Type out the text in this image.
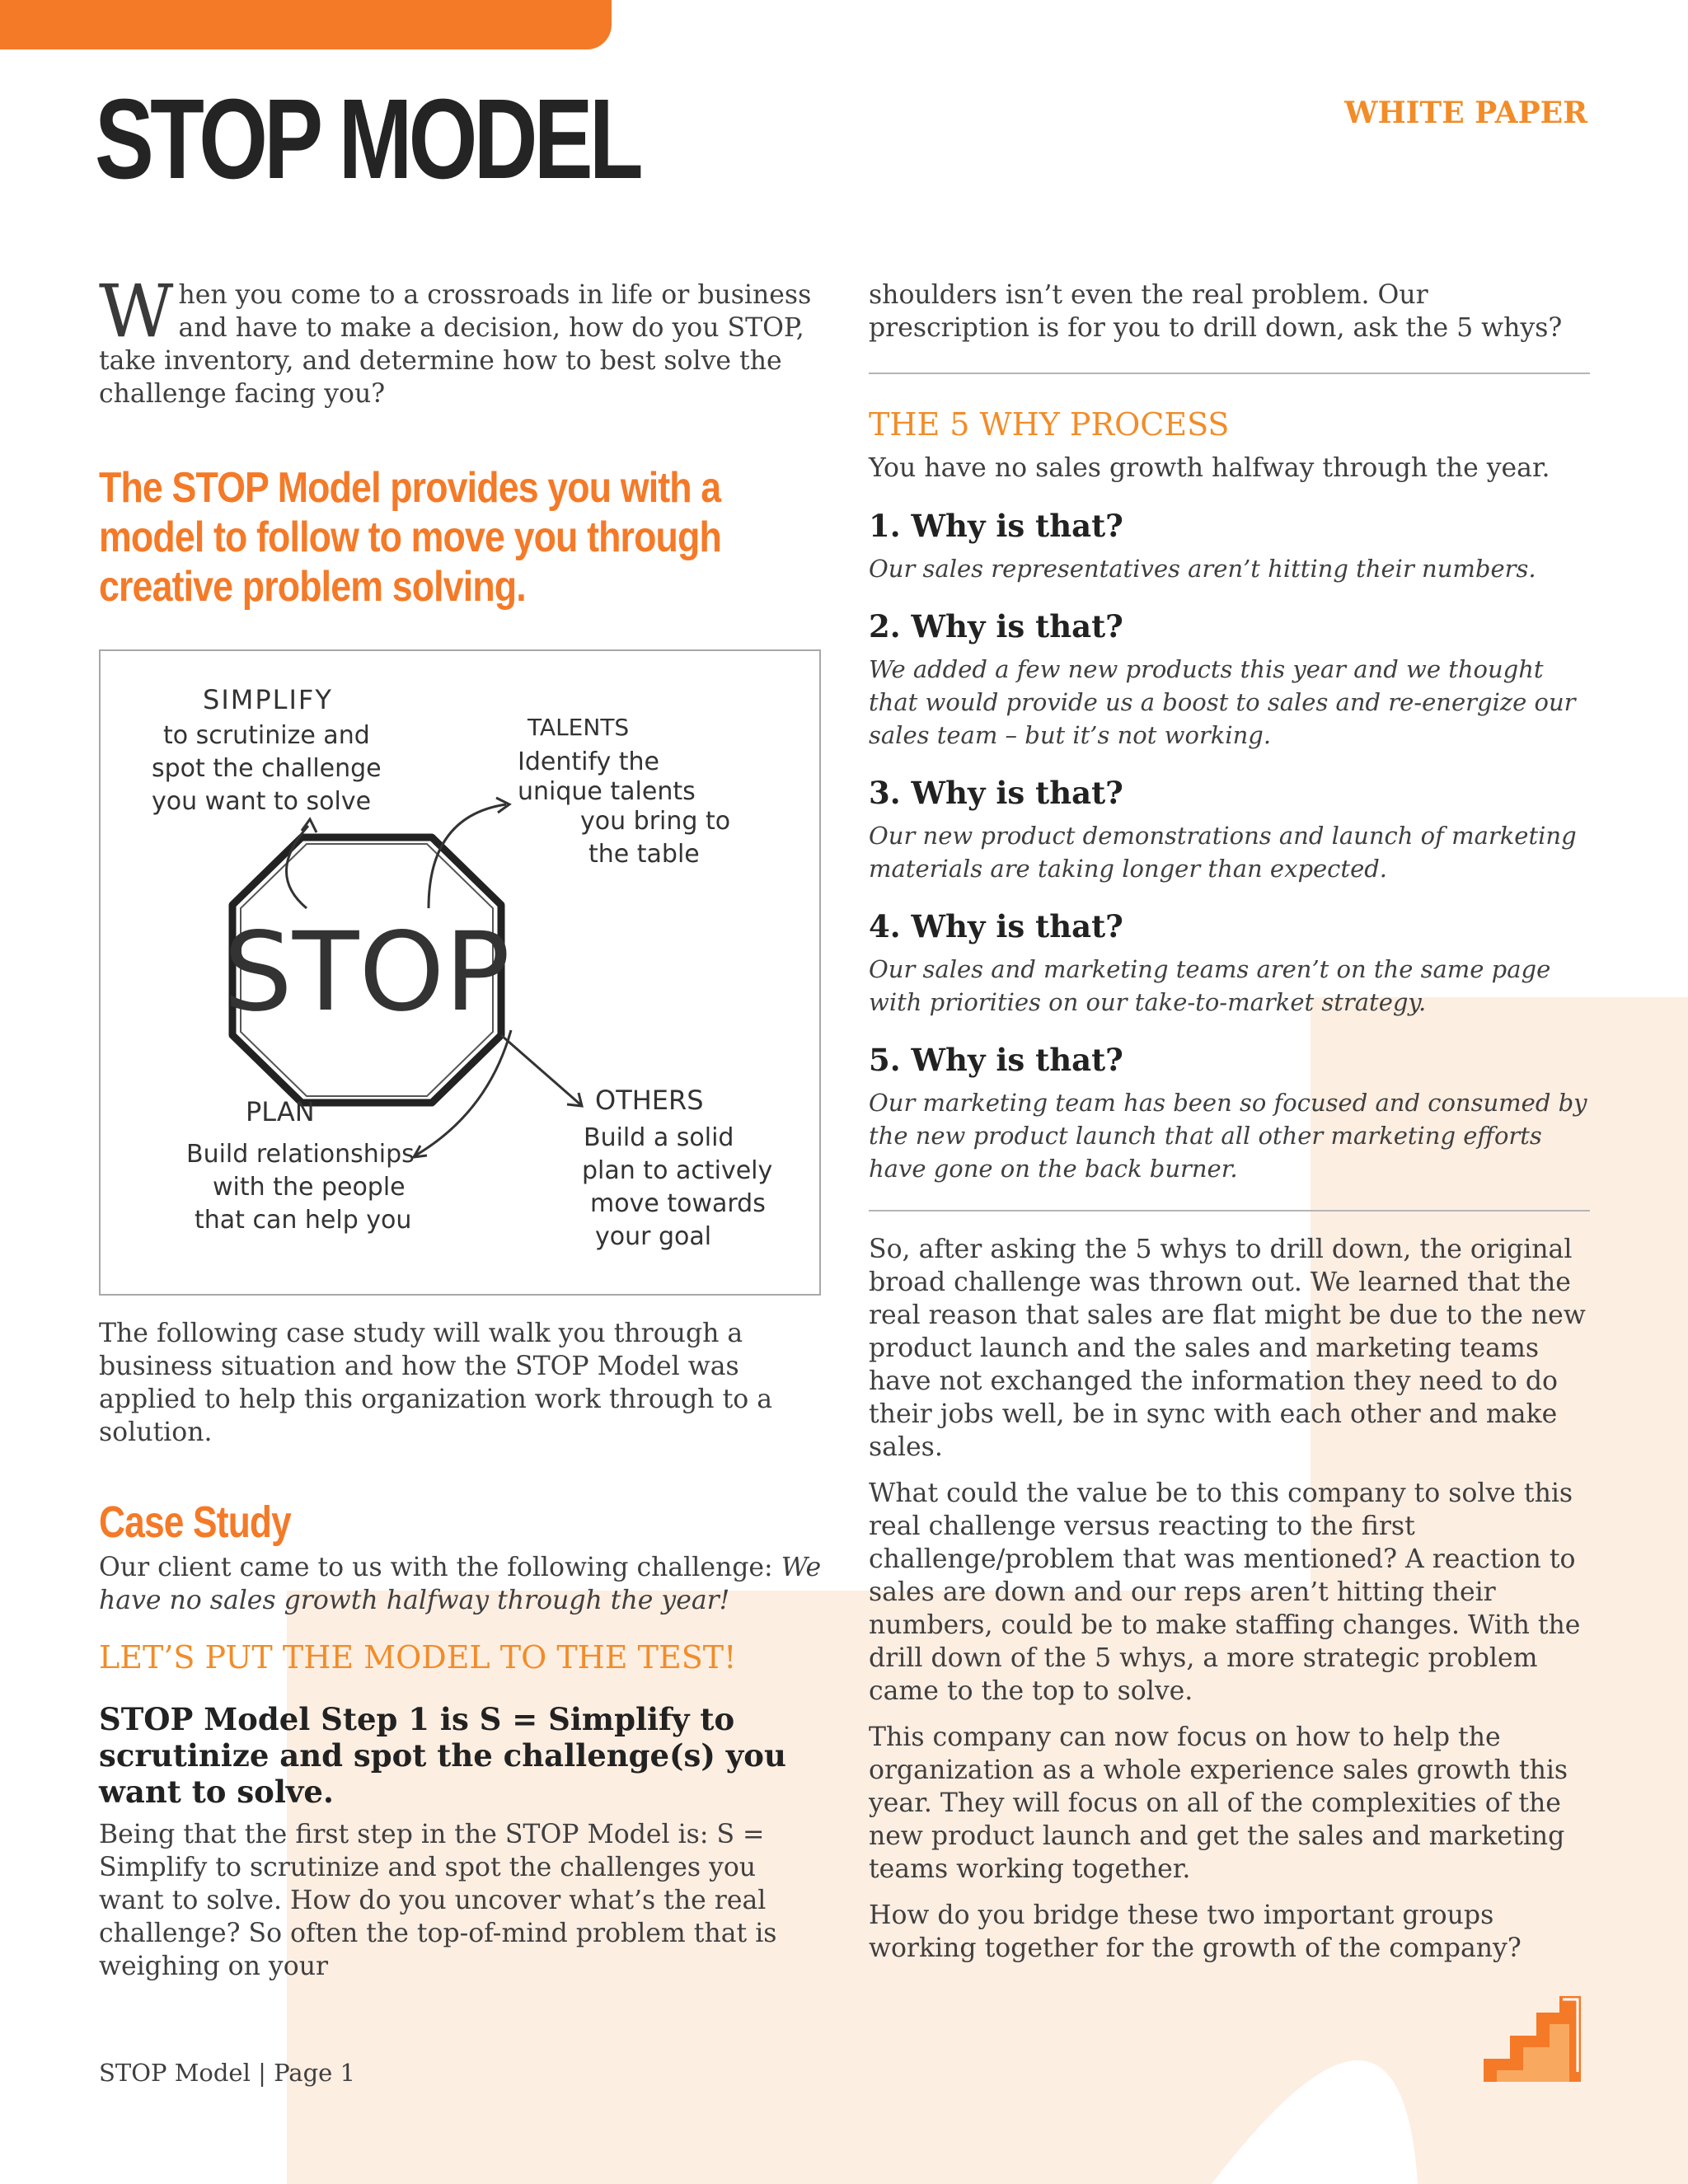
STOP MODEL	WHITE PAPER

When you come to a crossroads in life or business and have to make a decision, how do you STOP, take inventory, and determine how to best solve the challenge facing you?

The STOP Model provides you with a model to follow to move you through creative problem solving.
STOP
SIMPLIFY
to scrutinize and
spot the challenge
you want to solve
TALENTS
Identify the
unique talents
you bring to
the table
PLAN
Build relationships
with the people
that can help you
OTHERS
Build a solid
plan to actively
move towards
your goal

The following case study will walk you through a business situation and how the STOP Model was applied to help this organization work through to a solution.

Case Study

Our client came to us with the following challenge: We have no sales growth halfway through the year!

LET’S PUT THE MODEL TO THE TEST!
STOP Model Step 1 is S = Simplify to scrutinize and spot the challenge(s) you want to solve.

Being that the first step in the STOP Model is: S = Simplify to scrutinize and spot the challenges you want to solve. How do you uncover what’s the real challenge? So often the top-of-mind problem that is weighing on your

shoulders isn’t even the real problem. Our prescription is for you to drill down, ask the 5 whys?

THE 5 WHY PROCESS

You have no sales growth halfway through the year.

1. Why is that?

Our sales representatives aren’t hitting their numbers.

2. Why is that?

We added a few new products this year and we thought that would provide us a boost to sales and re-energize our sales team – but it’s not working.

3. Why is that?

Our new product demonstrations and launch of marketing materials are taking longer than expected.

4. Why is that?

Our sales and marketing teams aren’t on the same page with priorities on our take-to-market strategy.

5. Why is that?

Our marketing team has been so focused and consumed by the new product launch that all other marketing efforts have gone on the back burner.

So, after asking the 5 whys to drill down, the original broad challenge was thrown out. We learned that the real reason that sales are flat might be due to the new product launch and the sales and marketing teams have not exchanged the information they need to do their jobs well, be in sync with each other and make sales.

What could the value be to this company to solve this real challenge versus reacting to the first challenge/problem that was mentioned? A reaction to sales are down and our reps aren’t hitting their numbers, could be to make staffing changes. With the drill down of the 5 whys, a more strategic problem came to the top to solve.

This company can now focus on how to help the organization as a whole experience sales growth this year. They will focus on all of the complexities of the new product launch and get the sales and marketing teams working together.

How do you bridge these two important groups working together for the growth of the company?

STOP Model | Page 1
